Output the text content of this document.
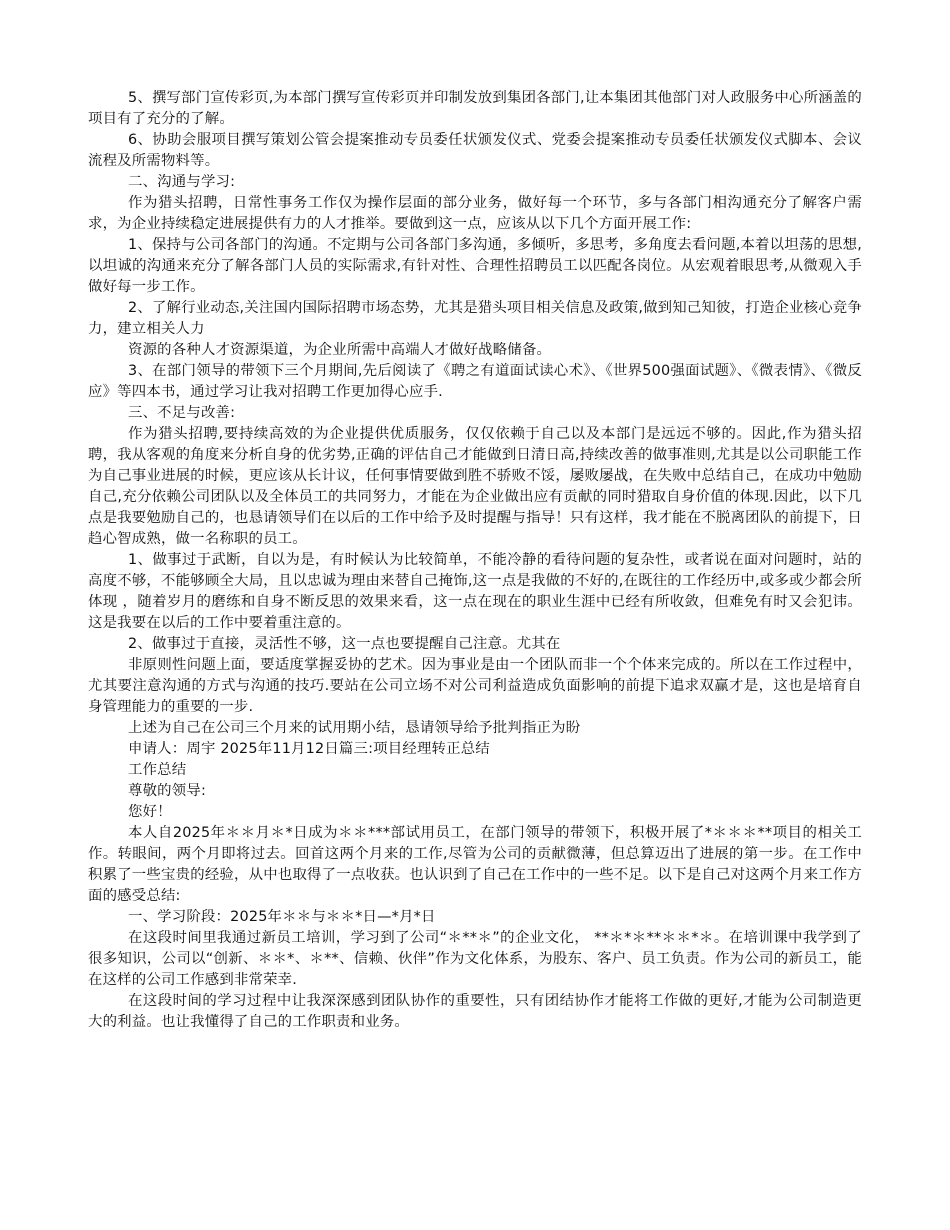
5、撰写部门宣传彩页,为本部门撰写宣传彩页并印制发放到集团各部门,让本集团其他部门对人政服务中心所涵盖的项目有了充分的了解。

6、协助会服项目撰写策划公管会提案推动专员委任状颁发仪式、党委会提案推动专员委任状颁发仪式脚本、会议流程及所需物料等。

二、沟通与学习:

作为猎头招聘，日常性事务工作仅为操作层面的部分业务，做好每一个环节，多与各部门相沟通充分了解客户需求，为企业持续稳定进展提供有力的人才推举。要做到这一点，应该从以下几个方面开展工作:

1、保持与公司各部门的沟通。不定期与公司各部门多沟通，多倾听，多思考，多角度去看问题,本着以坦荡的思想,以坦诚的沟通来充分了解各部门人员的实际需求,有针对性、合理性招聘员工以匹配各岗位。从宏观着眼思考,从微观入手做好每一步工作。

2、了解行业动态,关注国内国际招聘市场态势，尤其是猎头项目相关信息及政策,做到知己知彼，打造企业核心竞争力，建立相关人力

资源的各种人才资源渠道，为企业所需中高端人才做好战略储备。

3、在部门领导的带领下三个月期间,先后阅读了《聘之有道面试读心术》、《世界500强面试题》、《微表情》、《微反应》等四本书，通过学习让我对招聘工作更加得心应手.

三、不足与改善:

作为猎头招聘,要持续高效的为企业提供优质服务，仅仅依赖于自己以及本部门是远远不够的。因此,作为猎头招聘，我从客观的角度来分析自身的优劣势,正确的评估自己才能做到日清日高,持续改善的做事准则,尤其是以公司职能工作为自己事业进展的时候，更应该从长计议，任何事情要做到胜不骄败不馁，屡败屡战，在失败中总结自己，在成功中勉励自己,充分依赖公司团队以及全体员工的共同努力，才能在为企业做出应有贡献的同时猎取自身价值的体现.因此，以下几点是我要勉励自己的，也恳请领导们在以后的工作中给予及时提醒与指导！只有这样，我才能在不脱离团队的前提下，日趋心智成熟，做一名称职的员工。

1、做事过于武断，自以为是，有时候认为比较简单，不能冷静的看待问题的复杂性，或者说在面对问题时，站的高度不够，不能够顾全大局，且以忠诚为理由来替自己掩饰,这一点是我做的不好的,在既往的工作经历中,或多或少都会所体现 ，随着岁月的磨练和自身不断反思的效果来看，这一点在现在的职业生涯中已经有所收敛，但难免有时又会犯讳。这是我要在以后的工作中要着重注意的。

2、做事过于直接，灵活性不够，这一点也要提醒自己注意。尤其在

非原则性问题上面，要适度掌握妥协的艺术。因为事业是由一个团队而非一个个体来完成的。所以在工作过程中，尤其要注意沟通的方式与沟通的技巧.要站在公司立场不对公司利益造成负面影响的前提下追求双赢才是，这也是培育自身管理能力的重要的一步.

上述为自己在公司三个月来的试用期小结，恳请领导给予批判指正为盼

申请人：周宇 2025年11月12日篇三:项目经理转正总结

工作总结

尊敬的领导:

您好！

本人自2025年＊＊月＊*日成为＊＊***部试用员工，在部门领导的带领下，积极开展了*＊＊＊**项目的相关工作。转眼间，两个月即将过去。回首这两个月来的工作,尽管为公司的贡献微薄，但总算迈出了进展的第一步。在工作中积累了一些宝贵的经验，从中也取得了一点收获。也认识到了自己在工作中的一些不足。以下是自己对这两个月来工作方面的感受总结:

一、学习阶段：2025年＊＊与＊＊*日—*月*日

在这段时间里我通过新员工培训，学习到了公司“＊**＊”的企业文化， **＊*＊**＊＊*＊。在培训课中我学到了很多知识，公司以“创新、＊＊*、＊**、信赖、伙伴”作为文化体系，为股东、客户、员工负责。作为公司的新员工，能在这样的公司工作感到非常荣幸.

在这段时间的学习过程中让我深深感到团队协作的重要性，只有团结协作才能将工作做的更好,才能为公司制造更大的利益。也让我懂得了自己的工作职责和业务。
